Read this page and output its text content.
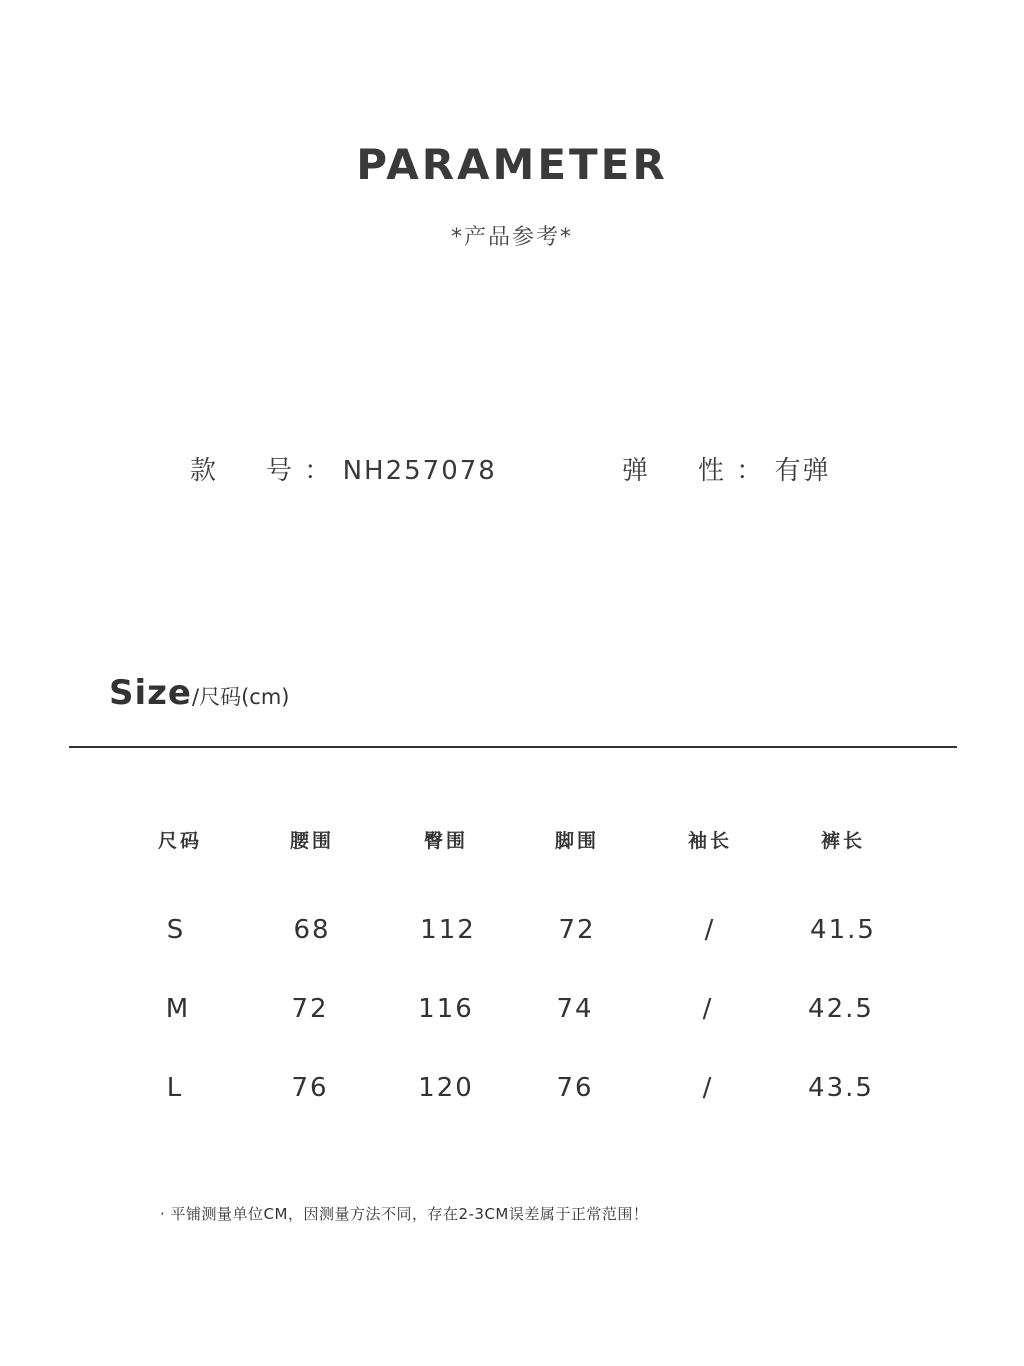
PARAMETER
*产品参考*
款 号 ： NH257078	弹 性 ： 有弹
Size/尺码(cm)
尺码	腰围	臀围	脚围	袖长	裤长
S	68	112	72	/	41.5
M	72	116	74	/	42.5
L	76	120	76	/	43.5
· 平铺测量单位CM，因测量方法不同，存在2-3CM误差属于正常范围！
